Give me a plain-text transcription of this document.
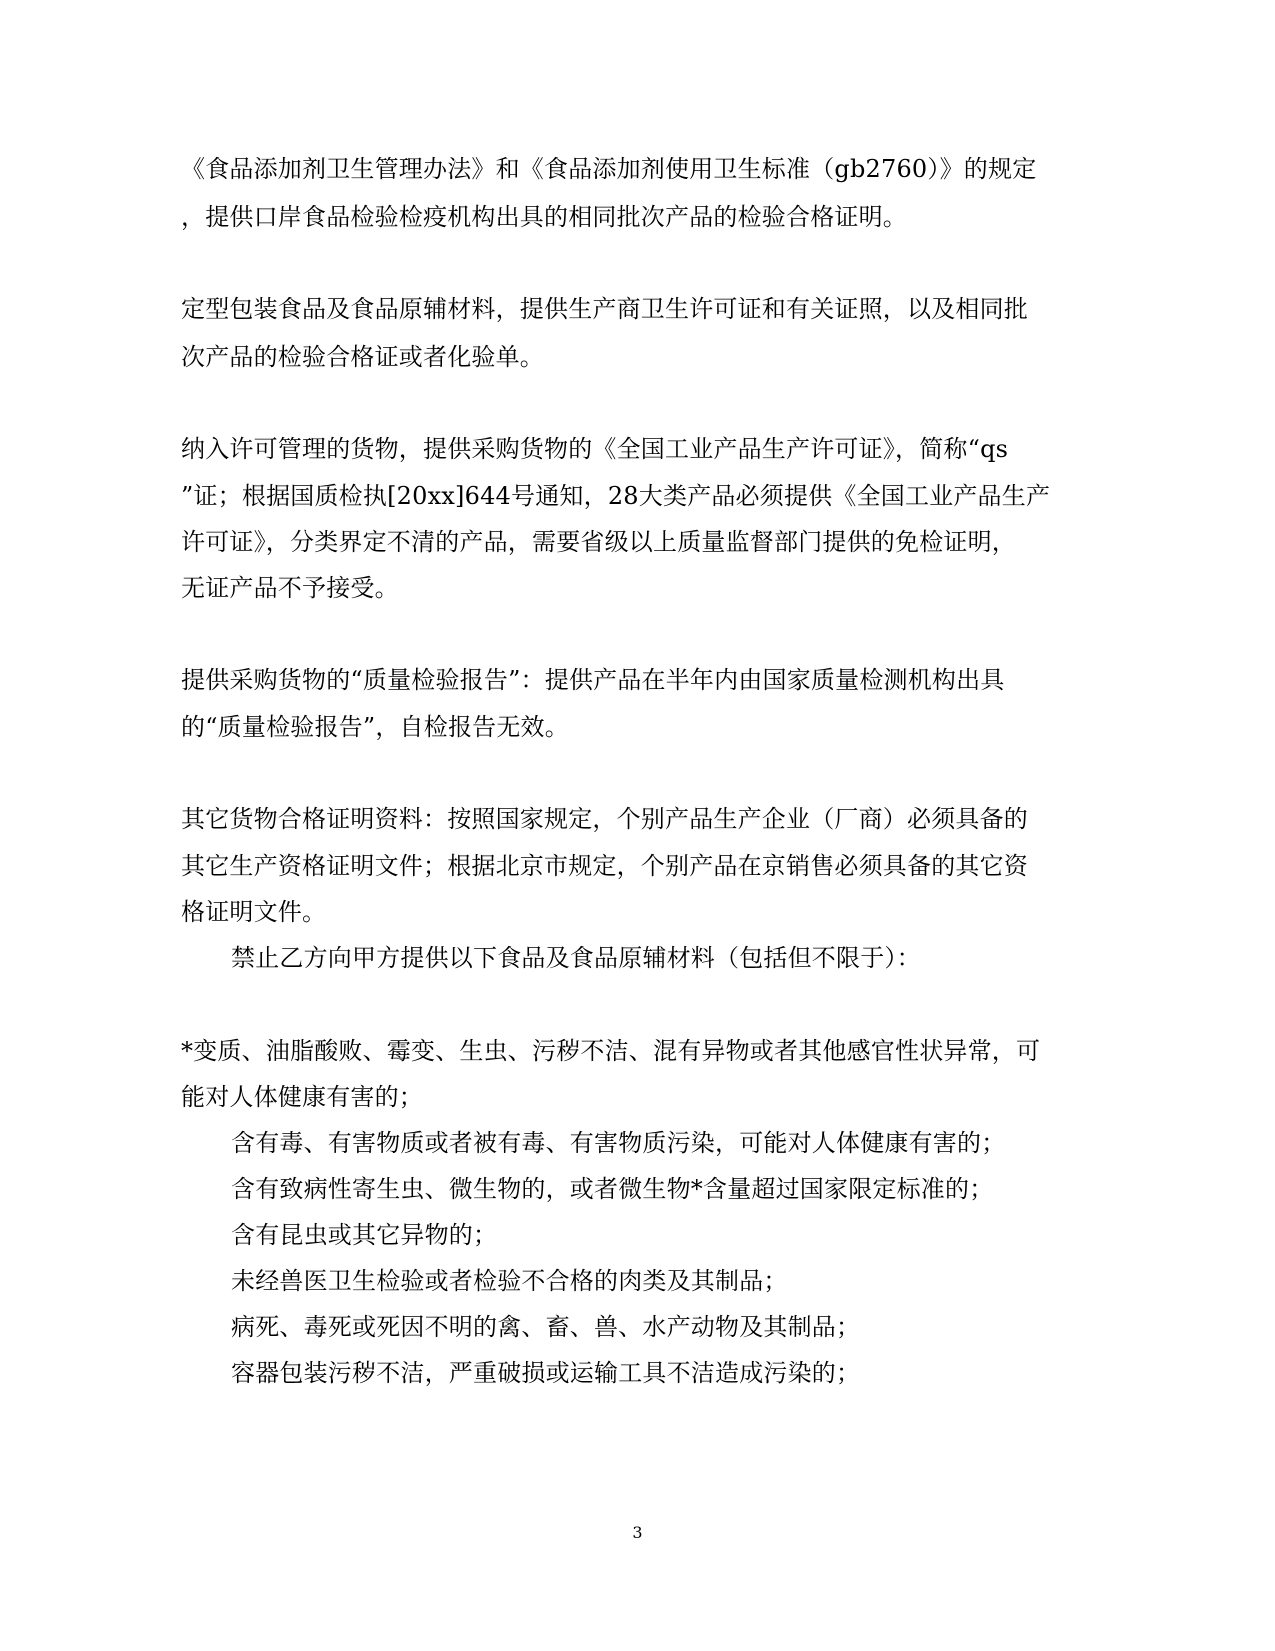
《食品添加剂卫生管理办法》和《食品添加剂使用卫生标准（gb2760）》的规定
，提供口岸食品检验检疫机构出具的相同批次产品的检验合格证明。
定型包装食品及食品原辅材料，提供生产商卫生许可证和有关证照，以及相同批
次产品的检验合格证或者化验单。
纳入许可管理的货物，提供采购货物的《全国工业产品生产许可证》，简称“qs
”证；根据国质检执[20xx]644号通知，28大类产品必须提供《全国工业产品生产
许可证》，分类界定不清的产品，需要省级以上质量监督部门提供的免检证明，
无证产品不予接受。
提供采购货物的“质量检验报告”：提供产品在半年内由国家质量检测机构出具
的“质量检验报告”，自检报告无效。
其它货物合格证明资料：按照国家规定，个别产品生产企业（厂商）必须具备的
其它生产资格证明文件；根据北京市规定，个别产品在京销售必须具备的其它资
格证明文件。
禁止乙方向甲方提供以下食品及食品原辅材料（包括但不限于）：
*变质、油脂酸败、霉变、生虫、污秽不洁、混有异物或者其他感官性状异常，可
能对人体健康有害的；
含有毒、有害物质或者被有毒、有害物质污染，可能对人体健康有害的；
含有致病性寄生虫、微生物的，或者微生物*含量超过国家限定标准的；
含有昆虫或其它异物的；
未经兽医卫生检验或者检验不合格的肉类及其制品；
病死、毒死或死因不明的禽、畜、兽、水产动物及其制品；
容器包装污秽不洁，严重破损或运输工具不洁造成污染的；
3
